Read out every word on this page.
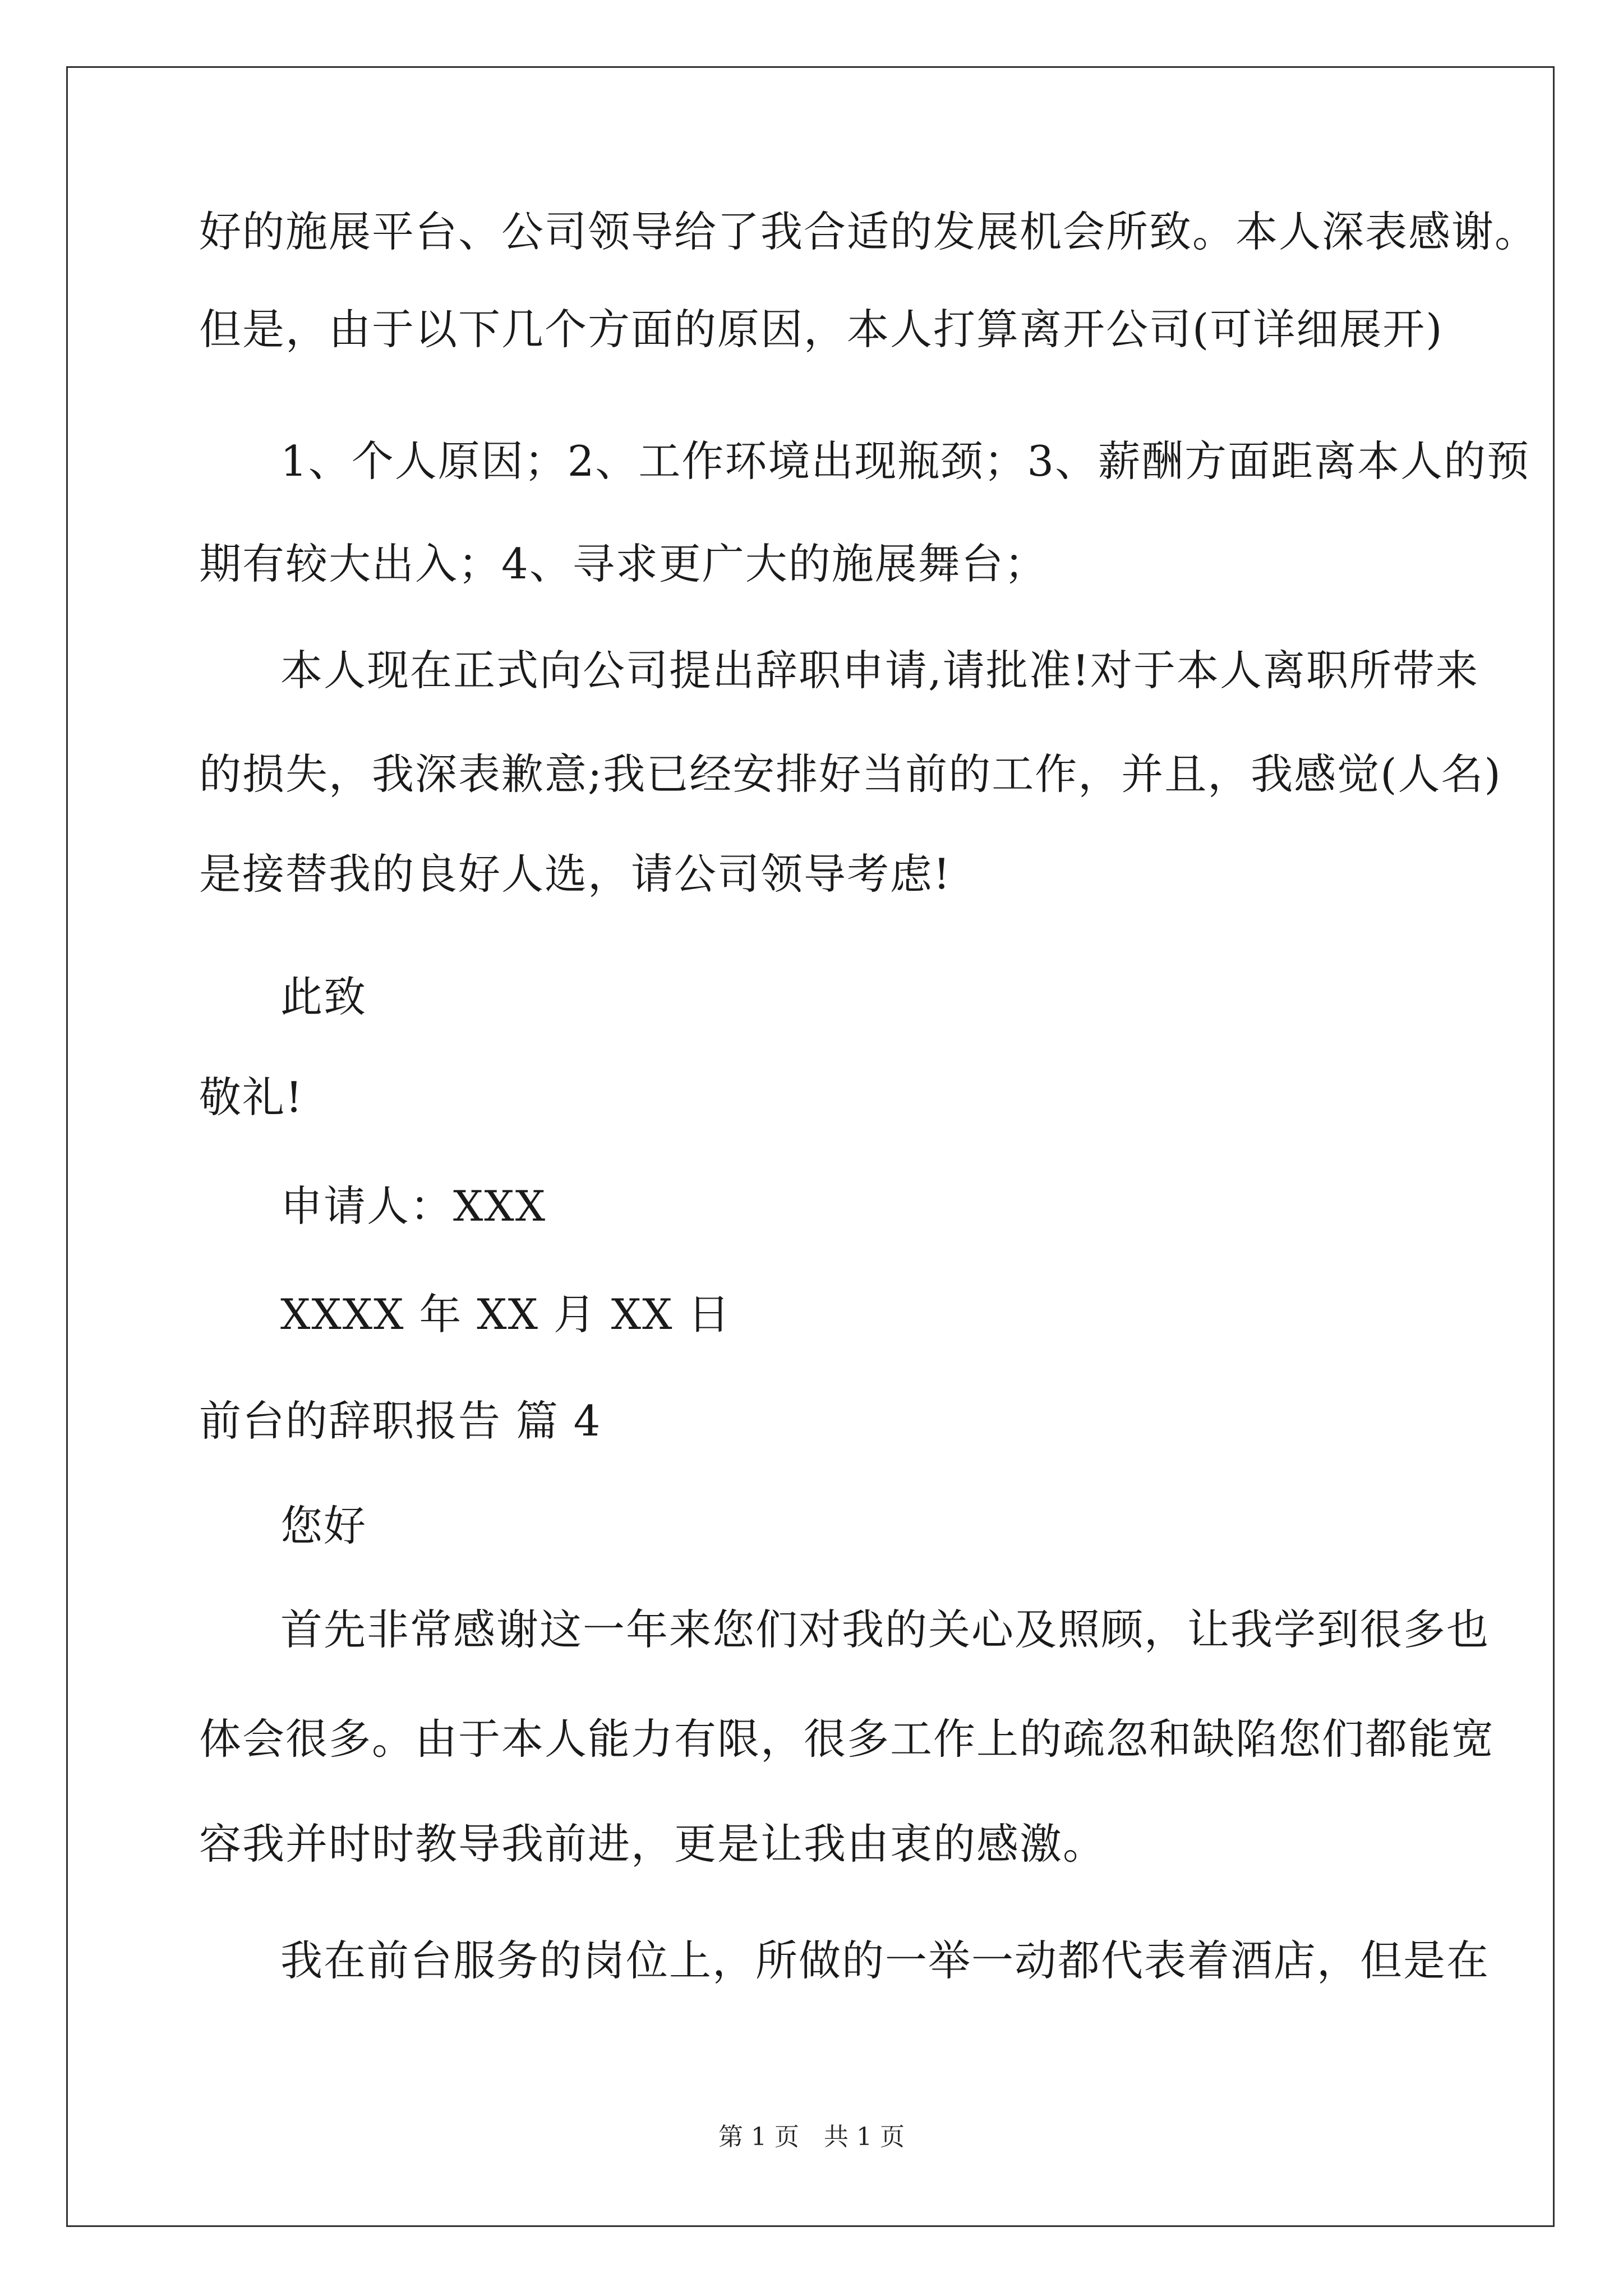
好的施展平台、公司领导给了我合适的发展机会所致。本人深表感谢。
但是，由于以下几个方面的原因，本人打算离开公司(可详细展开)
1、个人原因；2、工作环境出现瓶颈；3、薪酬方面距离本人的预
期有较大出入；4、寻求更广大的施展舞台；
本人现在正式向公司提出辞职申请,请批准!对于本人离职所带来
的损失，我深表歉意;我已经安排好当前的工作，并且，我感觉(人名)
是接替我的良好人选，请公司领导考虑!
此致
敬礼!
申请人：XXX
XXXX 年 XX 月 XX 日
前台的辞职报告 篇 4
您好
首先非常感谢这一年来您们对我的关心及照顾，让我学到很多也
体会很多。由于本人能力有限，很多工作上的疏忽和缺陷您们都能宽
容我并时时教导我前进，更是让我由衷的感激。
我在前台服务的岗位上，所做的一举一动都代表着酒店，但是在
第 1 页　共 1 页
